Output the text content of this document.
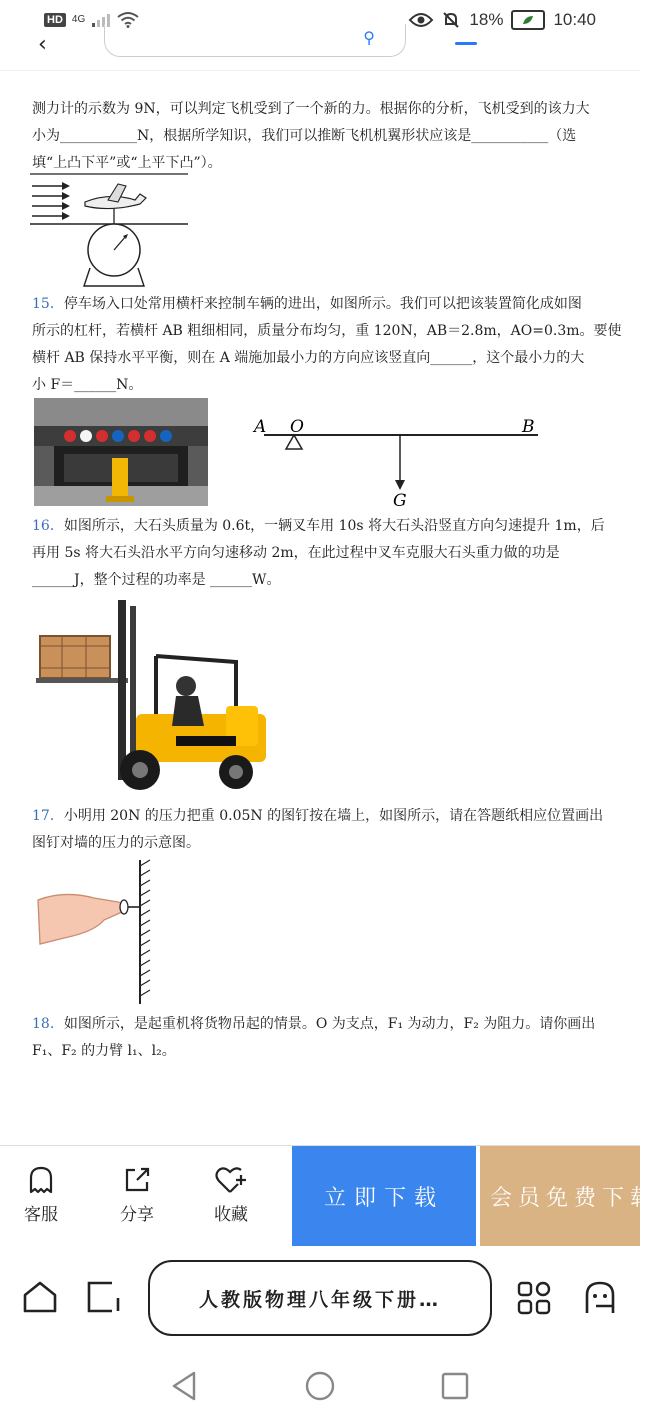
HD 4G	18%	10:40
‹	⚲

测力计的示数为 9N，可以判定飞机受到了一个新的力。根据你的分析，飞机受到的该力大

小为___________N，根据所学知识，我们可以推断飞机机翼形状应该是___________（选

填“上凸下平”或“上平下凸”）。

15．停车场入口处常用横杆来控制车辆的进出，如图所示。我们可以把该装置简化成如图

所示的杠杆，若横杆 AB 粗细相同，质量分布均匀，重 120N，AB＝2.8m，AO=0.3m。要使

横杆 AB 保持水平平衡，则在 A 端施加最小力的方向应该竖直向______，这个最小力的大

小 F＝______N。

A O	B
G

16．如图所示，大石头质量为 0.6t，一辆叉车用 10s 将大石头沿竖直方向匀速提升 1m，后

再用 5s 将大石头沿水平方向匀速移动 2m，在此过程中叉车克服大石头重力做的功是

______J，整个过程的功率是 ______W。

17．小明用 20N 的压力把重 0.05N 的图钉按在墙上，如图所示，请在答题纸相应位置画出

图钉对墙的压力的示意图。

18．如图所示，是起重机将货物吊起的情景。O 为支点，F₁ 为动力，F₂ 为阻力。请你画出

F₁、F₂ 的力臂 l₁、l₂。

客服	分享	收藏
立即下载	会员免费下载
人教版物理八年级下册…
